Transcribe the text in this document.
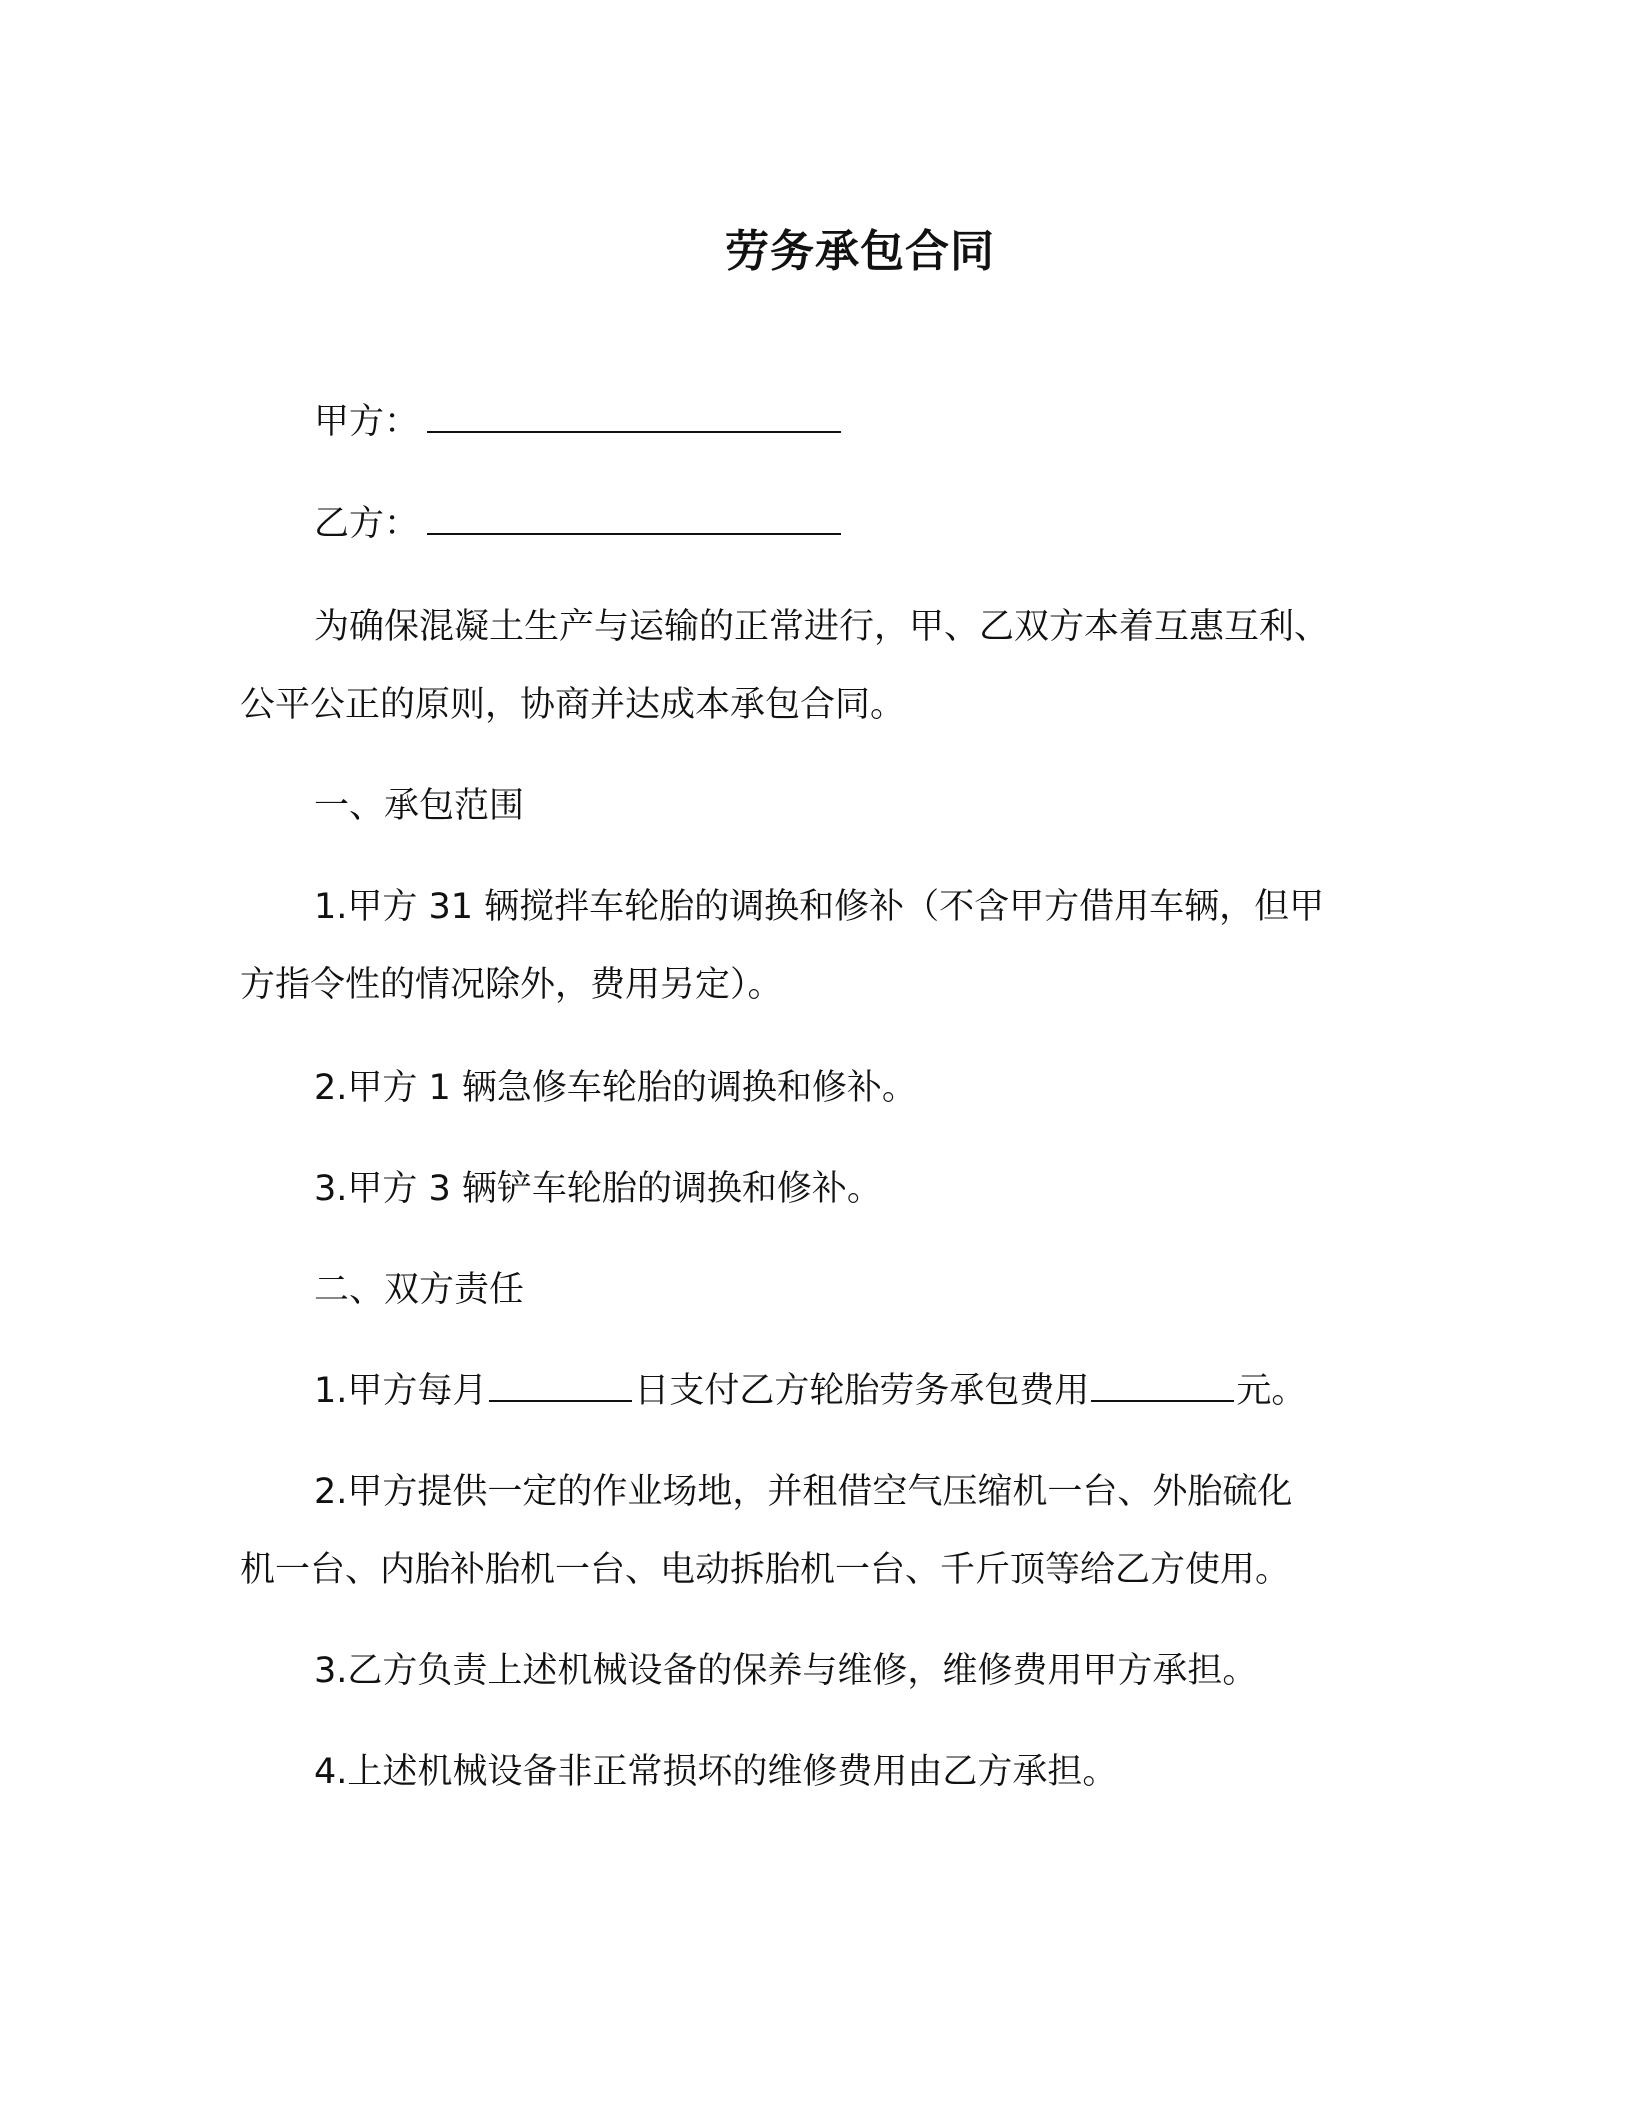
劳务承包合同
甲方：
乙方：
为确保混凝土生产与运输的正常进行，甲、乙双方本着互惠互利、
公平公正的原则，协商并达成本承包合同。
一、承包范围
1.甲方 31 辆搅拌车轮胎的调换和修补（不含甲方借用车辆，但甲
方指令性的情况除外，费用另定）。
2.甲方 1 辆急修车轮胎的调换和修补。
3.甲方 3 辆铲车轮胎的调换和修补。
二、双方责任
1.甲方每月	日支付乙方轮胎劳务承包费用	元。
2.甲方提供一定的作业场地，并租借空气压缩机一台、外胎硫化
机一台、内胎补胎机一台、电动拆胎机一台、千斤顶等给乙方使用。
3.乙方负责上述机械设备的保养与维修，维修费用甲方承担。
4.上述机械设备非正常损坏的维修费用由乙方承担。
